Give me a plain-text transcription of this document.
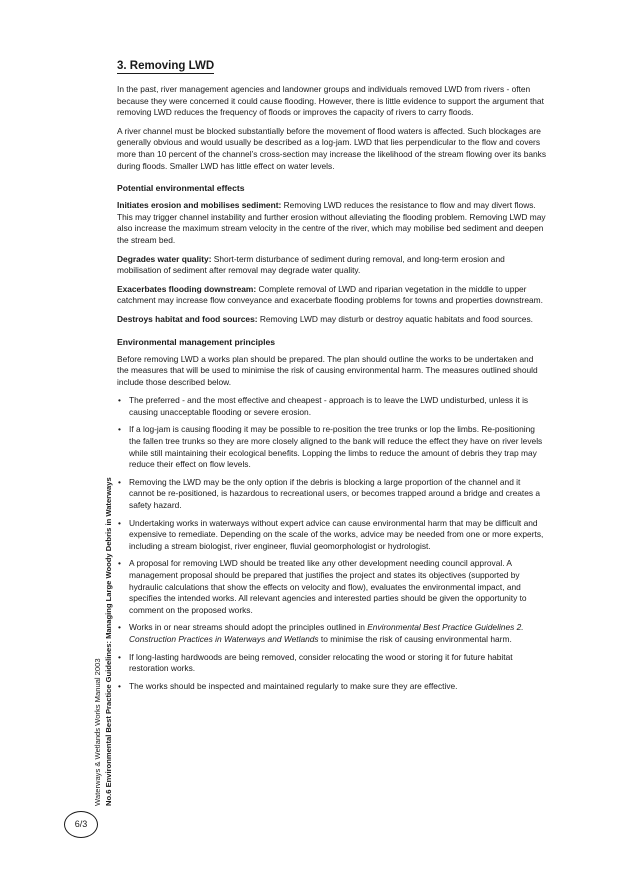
3. Removing LWD

In the past, river management agencies and landowner groups and individuals removed LWD from rivers - often because they were concerned it could cause flooding. However, there is little evidence to support the argument that removing LWD reduces the frequency of floods or improves the capacity of rivers to carry floods.

A river channel must be blocked substantially before the movement of flood waters is affected. Such blockages are generally obvious and would usually be described as a log-jam. LWD that lies perpendicular to the flow and covers more than 10 percent of the channel’s cross-section may increase the likelihood of the stream flowing over its banks during floods. Smaller LWD has little effect on water levels.

Potential environmental effects

Initiates erosion and mobilises sediment: Removing LWD reduces the resistance to flow and may divert flows. This may trigger channel instability and further erosion without alleviating the flooding problem. Removing LWD may also increase the maximum stream velocity in the centre of the river, which may mobilise bed sediment and deepen the stream bed.

Degrades water quality: Short-term disturbance of sediment during removal, and long-term erosion and mobilisation of sediment after removal may degrade water quality.

Exacerbates flooding downstream: Complete removal of LWD and riparian vegetation in the middle to upper catchment may increase flow conveyance and exacerbate flooding problems for towns and properties downstream.

Destroys habitat and food sources: Removing LWD may disturb or destroy aquatic habitats and food sources.

Environmental management principles

Before removing LWD a works plan should be prepared. The plan should outline the works to be undertaken and the measures that will be used to minimise the risk of causing environmental harm. The measures outlined should include those described below.

• The preferred - and the most effective and cheapest - approach is to leave the LWD undisturbed, unless it is causing unacceptable flooding or severe erosion.
• If a log-jam is causing flooding it may be possible to re-position the tree trunks or lop the limbs. Re-positioning the fallen tree trunks so they are more closely aligned to the bank will reduce the effect they have on river levels while still maintaining their ecological benefits. Lopping the limbs to reduce the amount of debris they trap may reduce their effect on flow levels.
• Removing the LWD may be the only option if the debris is blocking a large proportion of the channel and it cannot be re-positioned, is hazardous to recreational users, or becomes trapped around a bridge and creates a safety hazard.
• Undertaking works in waterways without expert advice can cause environmental harm that may be difficult and expensive to remediate. Depending on the scale of the works, advice may be needed from one or more experts, including a stream biologist, river engineer, fluvial geomorphologist or hydrologist.
• A proposal for removing LWD should be treated like any other development needing council approval. A management proposal should be prepared that justifies the project and states its objectives (supported by hydraulic calculations that show the effects on velocity and flow), evaluates the environmental impact, and specifies the intended works. All relevant agencies and interested parties should be given the opportunity to comment on the proposed works.
• Works in or near streams should adopt the principles outlined in Environmental Best Practice Guidelines 2. Construction Practices in Waterways and Wetlands to minimise the risk of causing environmental harm.
• If long-lasting hardwoods are being removed, consider relocating the wood or storing it for future habitat restoration works.
• The works should be inspected and maintained regularly to make sure they are effective.
Waterways & Wetlands Works Manual 2003 No.6 Environmental Best Practice Guidelines: Managing Large Woody Debris in Waterways
6/3
